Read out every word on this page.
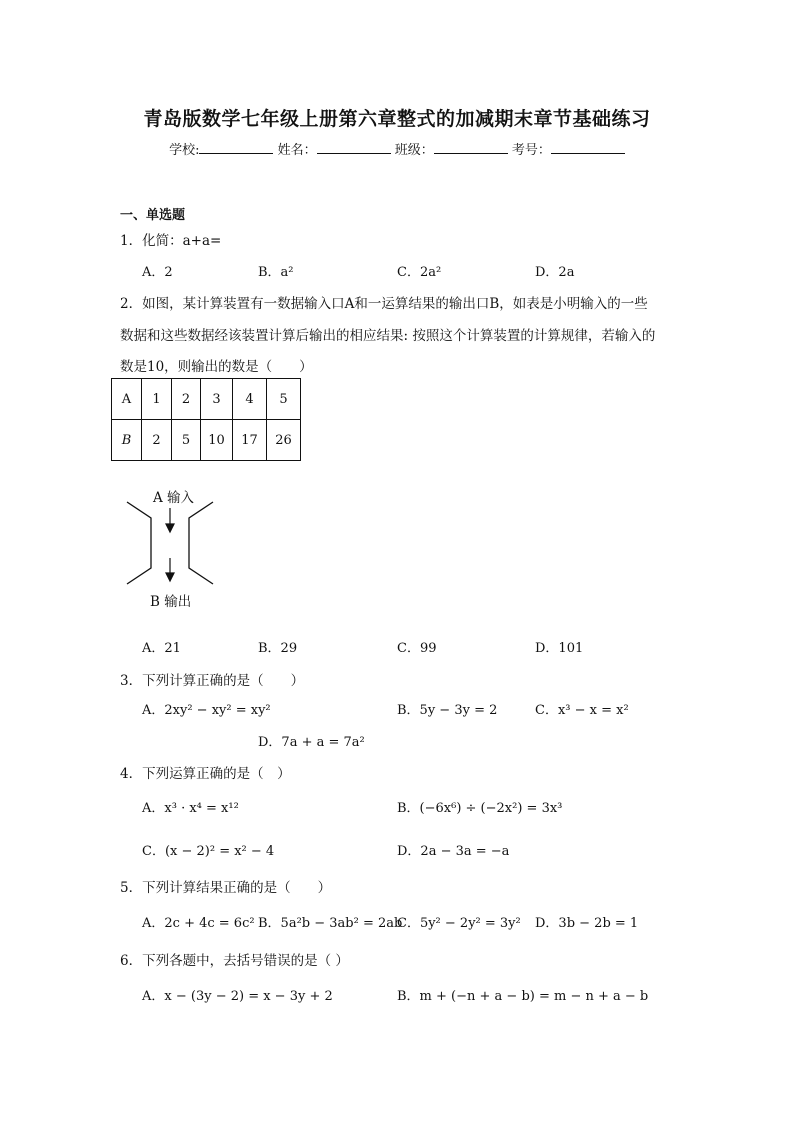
青岛版数学七年级上册第六章整式的加减期末章节基础练习
学校:	姓名：	班级：	考号：
一、单选题
1．化简：a+a=
A．2	B．a²	C．2a²	D．2a
2．如图，某计算装置有一数据输入口A和一运算结果的输出口B，如表是小明输入的一些
数据和这些数据经该装置计算后输出的相应结果: 按照这个计算装置的计算规律，若输入的
数是10，则输出的数是（　　）
A	1	2	3	4	5
B	2	5	10	17	26
A 输入
B 输出
A．21	B．29	C．99	D．101
3．下列计算正确的是（　　）
A．2xy² − xy² = xy²	B．5y − 3y = 2	C．x³ − x = x²
D．7a + a = 7a²
4．下列运算正确的是（　）
A．x³ · x⁴ = x¹²	B．(−6x⁶) ÷ (−2x²) = 3x³
C．(x − 2)² = x² − 4	D．2a − 3a = −a
5．下列计算结果正确的是（　　）
A．2c + 4c = 6c² B．5a²b − 3ab² = 2ab
C．5y² − 2y² = 3y² D．3b − 2b = 1
6．下列各题中，去括号错误的是（ ）
A．x − (3y − 2) = x − 3y + 2	B．m + (−n + a − b) = m − n + a − b
